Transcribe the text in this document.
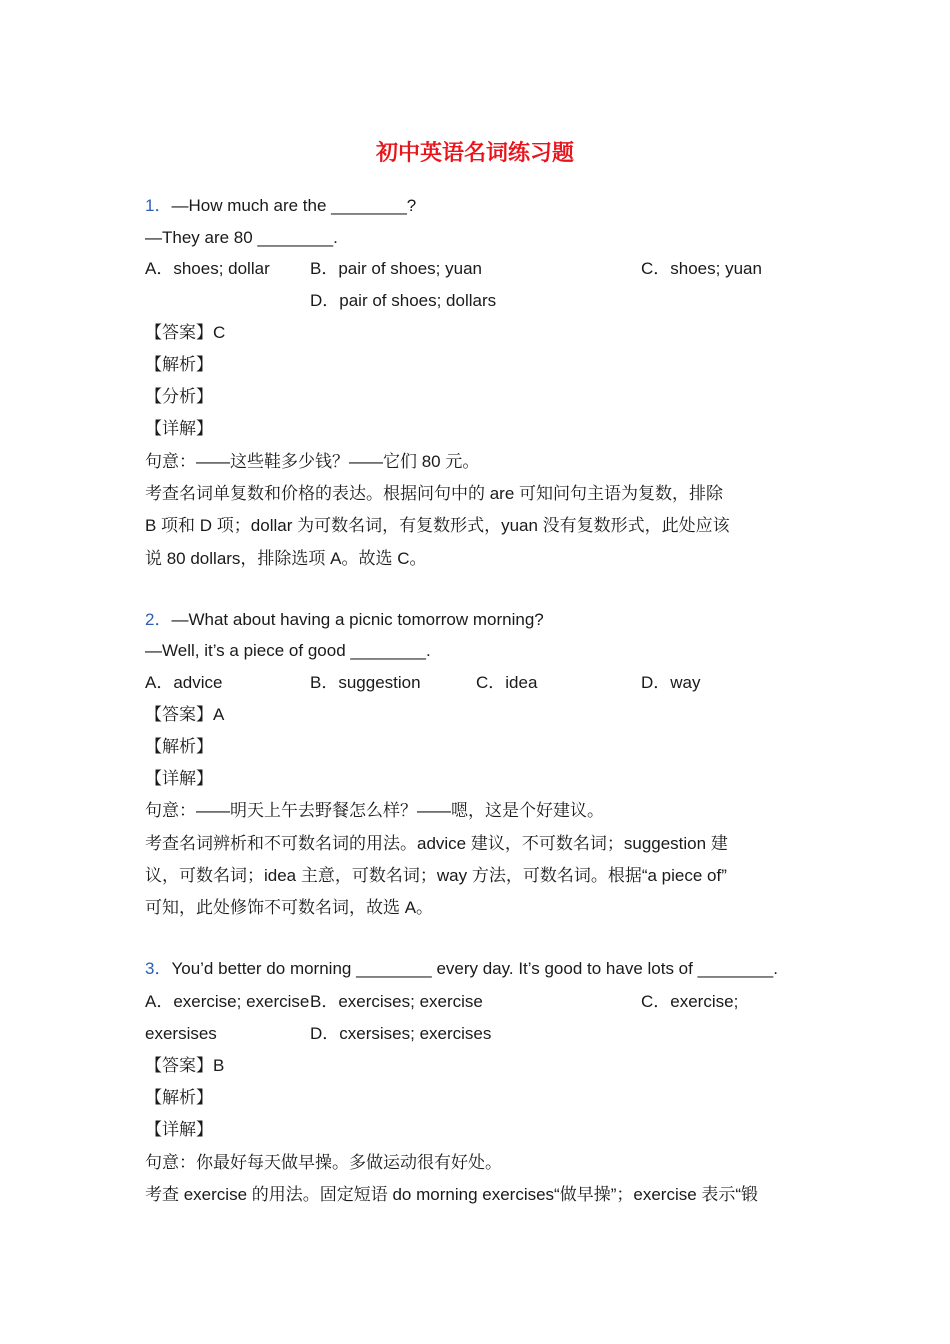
初中英语名词练习题
1．—How much are the ________?
—They are 80 ________.
A．shoes; dollar B．pair of shoes; yuan	C．shoes; yuan
D．pair of shoes; dollars
【答案】C
【解析】
【分析】
【详解】
句意：——这些鞋多少钱？——它们 80 元。
考查名词单复数和价格的表达。根据问句中的 are 可知问句主语为复数，排除
B 项和 D 项；dollar 为可数名词，有复数形式，yuan 没有复数形式，此处应该
说 80 dollars，排除选项 A。故选 C。
2．—What about having a picnic tomorrow morning?
—Well, it’s a piece of good ________.
A．advice	B．suggestion	C．idea	D．way
【答案】A
【解析】
【详解】
句意：——明天上午去野餐怎么样？——嗯，这是个好建议。
考查名词辨析和不可数名词的用法。advice 建议，不可数名词；suggestion 建
议，可数名词；idea 主意，可数名词；way 方法，可数名词。根据“a piece of”
可知，此处修饰不可数名词，故选 A。
3．You’d better do morning ________ every day. It’s good to have lots of ________.
A．exercise; exercise B．exercises; exercise	C．exercise;
exersises	D．cxersises; exercises
【答案】B
【解析】
【详解】
句意：你最好每天做早操。多做运动很有好处。
考查 exercise 的用法。固定短语 do morning exercises“做早操”；exercise 表示“锻
